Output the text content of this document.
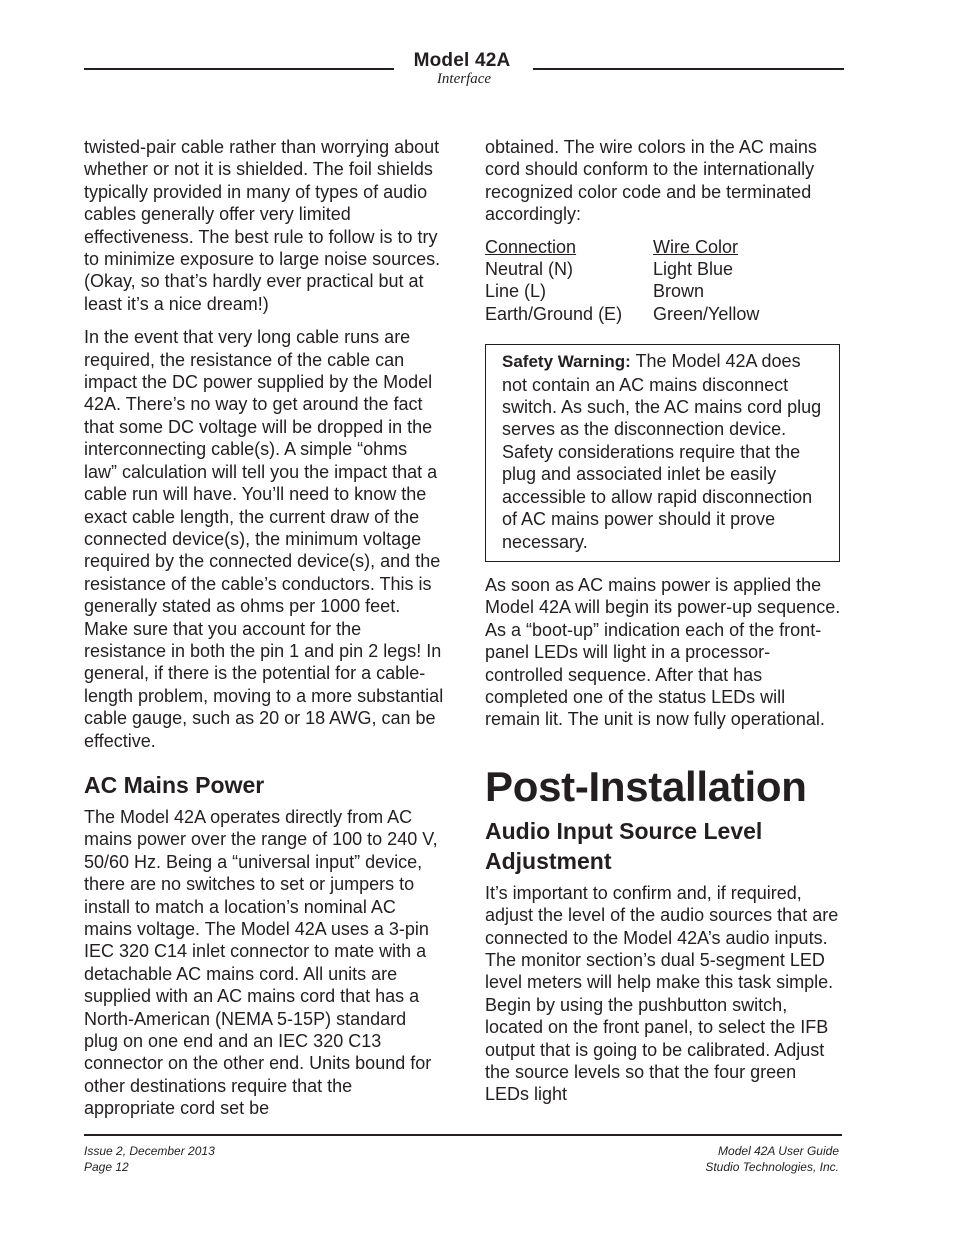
Model 42A
Interface

twisted-pair cable rather than worrying about whether or not it is shielded. The foil shields typically provided in many of types of audio cables generally offer very limited effectiveness. The best rule to follow is to try to minimize exposure to large noise sources. (Okay, so that’s hardly ever practical but at least it’s a nice dream!)

In the event that very long cable runs are required, the resistance of the cable can impact the DC power supplied by the Model 42A. There’s no way to get around the fact that some DC voltage will be dropped in the interconnecting cable(s). A simple “ohms law” calculation will tell you the impact that a cable run will have. You’ll need to know the exact cable length, the current draw of the connected device(s), the minimum voltage required by the connected device(s), and the resistance of the cable’s conductors. This is generally stated as ohms per 1000 feet. Make sure that you account for the resistance in both the pin 1 and pin 2 legs! In general, if there is the potential for a cable-length problem, moving to a more substantial cable gauge, such as 20 or 18 AWG, can be effective.

AC Mains Power

The Model 42A operates directly from AC mains power over the range of 100 to 240 V, 50/60 Hz. Being a “universal input” device, there are no switches to set or jumpers to install to match a location’s nominal AC mains voltage. The Model 42A uses a 3-pin IEC 320 C14 inlet connector to mate with a detachable AC mains cord. All units are supplied with an AC mains cord that has a North-American (NEMA 5-15P) standard plug on one end and an IEC 320 C13 connector on the other end. Units bound for other destinations require that the appropriate cord set be

obtained. The wire colors in the AC mains cord should conform to the internationally recognized color code and be terminated accordingly:

Connection	Wire Color
Neutral (N)	Light Blue
Line (L)	Brown
Earth/Ground (E)	Green/Yellow
Safety Warning: The Model 42A does not contain an AC mains disconnect switch. As such, the AC mains cord plug serves as the disconnection device. Safety considerations require that the plug and associated inlet be easily accessible to allow rapid disconnection of AC mains power should it prove necessary.

As soon as AC mains power is applied the Model 42A will begin its power-up sequence. As a “boot-up” indication each of the front-panel LEDs will light in a processor-controlled sequence. After that has completed one of the status LEDs will remain lit. The unit is now fully operational.

Post-Installation
Audio Input Source Level Adjustment

It’s important to confirm and, if required, adjust the level of the audio sources that are connected to the Model 42A’s audio inputs. The monitor section’s dual 5-segment LED level meters will help make this task simple. Begin by using the pushbutton switch, located on the front panel, to select the IFB output that is going to be calibrated. Adjust the source levels so that the four green LEDs light

Issue 2, December 2013
Page 12
Model 42A User Guide
Studio Technologies, Inc.
